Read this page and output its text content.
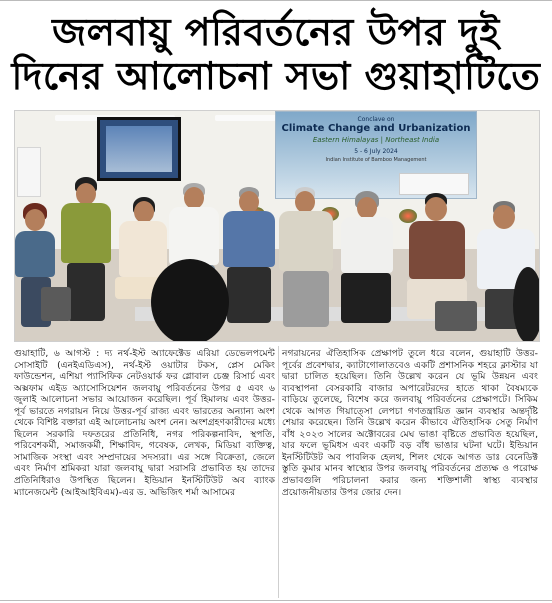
জলবায়ু পরিবর্তনের উপর দুই
দিনের আলোচনা সভা গুয়াহাটিতে
Conclave on
Climate Change and Urbanization
Eastern Himalayas | Northeast India
5 - 6 July 2024
Indian Institute of Bamboo Management
গুয়াহাটি, ৬ আগস্ট : দ্য নর্থ-ইস্ট অ্যাফেক্টেড এরিয়া ডেভেলপমেন্ট সোসাইটি (এনইএডিএস), নর্থ-ইস্ট ওয়াটার টকস, প্লেস মেকিং ফাউন্ডেশন, এশিয়া প্যাসিফিক নেটওয়ার্ক ফর গ্লোবাল চেঞ্জ রিসার্চ এবং অক্সফাম এইড অ্যাসোসিয়েশন জলবায়ু পরিবর্তনের উপর ৫ এবং ৬ জুলাই আলোচনা সভার আয়োজন করেছিল। পূর্ব হিমালয় এবং উত্তর-পূর্ব ভারতে নগরায়ন নিয়ে উত্তর-পূর্ব রাজ্য এবং ভারতের অন্যান্য অংশ থেকে বিশিষ্ট বক্তারা এই আলোচনায় অংশ নেন। অংশগ্রহণকারীদের মধ্যে ছিলেন সরকারি দফতরের প্রতিনিধি, নগর পরিকল্পনাবিদ, স্থপতি, পরিবেশকর্মী, সমাজকর্মী, শিক্ষাবিদ, গবেষক, লেখক, মিডিয়া ব্যক্তিত্ব, সামাজিক সংস্থা এবং সম্প্রদায়ের সদস্যরা। এর সঙ্গে বিক্রেতা, জেলে এবং নির্মাণ শ্রমিকরা যারা জলবায়ু দ্বারা সরাসরি প্রভাবিত হয় তাদের প্রতিনিধিরাও উপস্থিত ছিলেন। ইন্ডিয়ান ইনস্টিটিউট অব ব্যাংক ম্যানেজমেন্ট (আইআইবিএম)-এর ড. অভিজিৎ শর্মা আসামের
নগরায়নের ঐতিহাসিক প্রেক্ষাপট তুলে ধরে বলেন, গুয়াহাটি উত্তর-পূর্বের প্রবেশদ্বার, ক্যাটাগোলাতবেও একটি প্রশাসনিক শহরে ক্লাস্টার যা দ্বারা চালিত হয়েছিল। তিনি উল্লেখ করেন যে ভূমি উন্নয়ন এবং ব্যবস্থাপনা বেসরকারি বাজার অপারেটরদের হাতে থাকা বৈষম্যকে বাড়িয়ে তুলেছে, বিশেষ করে জলবায়ু পরিবর্তনের প্রেক্ষাপটে। সিকিম থেকে আগত গিয়াত্সো লেপচা গণতন্ত্রায়িত জ্ঞান ব্যবস্থার অন্তর্দৃষ্টি শেয়ার করেছেন। তিনি উল্লেখ করেন কীভাবে ঐতিহাসিক সেতু নির্মাণ বাঁধ ২০২৩ সালের অক্টোবরের মেঘ ভাঙা বৃষ্টিতে প্রভাবিত হয়েছিল, যার ফলে ভূমিধস এবং একটি বড় বাঁধ ভাঙার ঘটনা ঘটে। ইন্ডিয়ান ইনস্টিটিউট অব পাবলিক হেলথ, শিলং থেকে আগত ডাঃ বেনেডিক্ট স্তুতি কুমার মানব স্বাস্থ্যের উপর জলবায়ু পরিবর্তনের প্রত্যক্ষ ও পরোক্ষ প্রভাবগুলি পরিচালনা করার জন্য শক্তিশালী স্বাস্থ্য ব্যবস্থার প্রয়োজনীয়তার উপর জোর দেন।
